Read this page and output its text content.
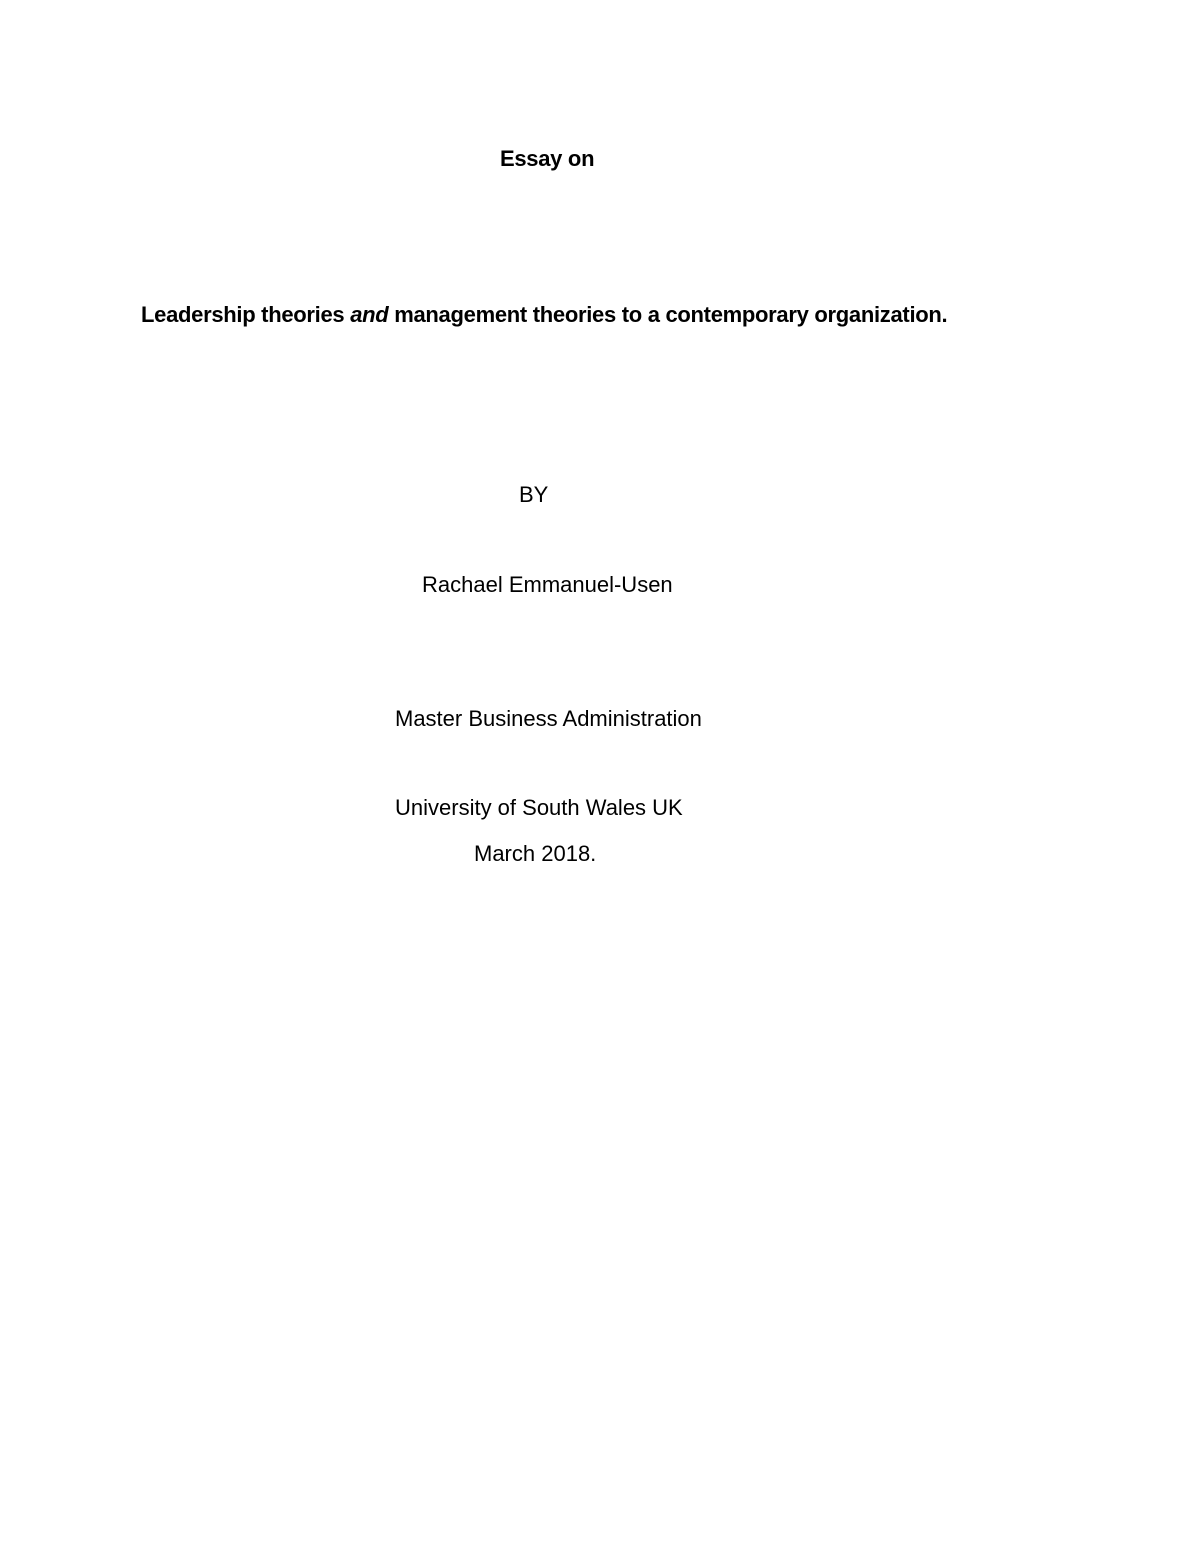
Essay on

Leadership theories and management theories to a contemporary organization.

BY

Rachael Emmanuel-Usen

Master Business Administration

University of South Wales UK

March 2018.
